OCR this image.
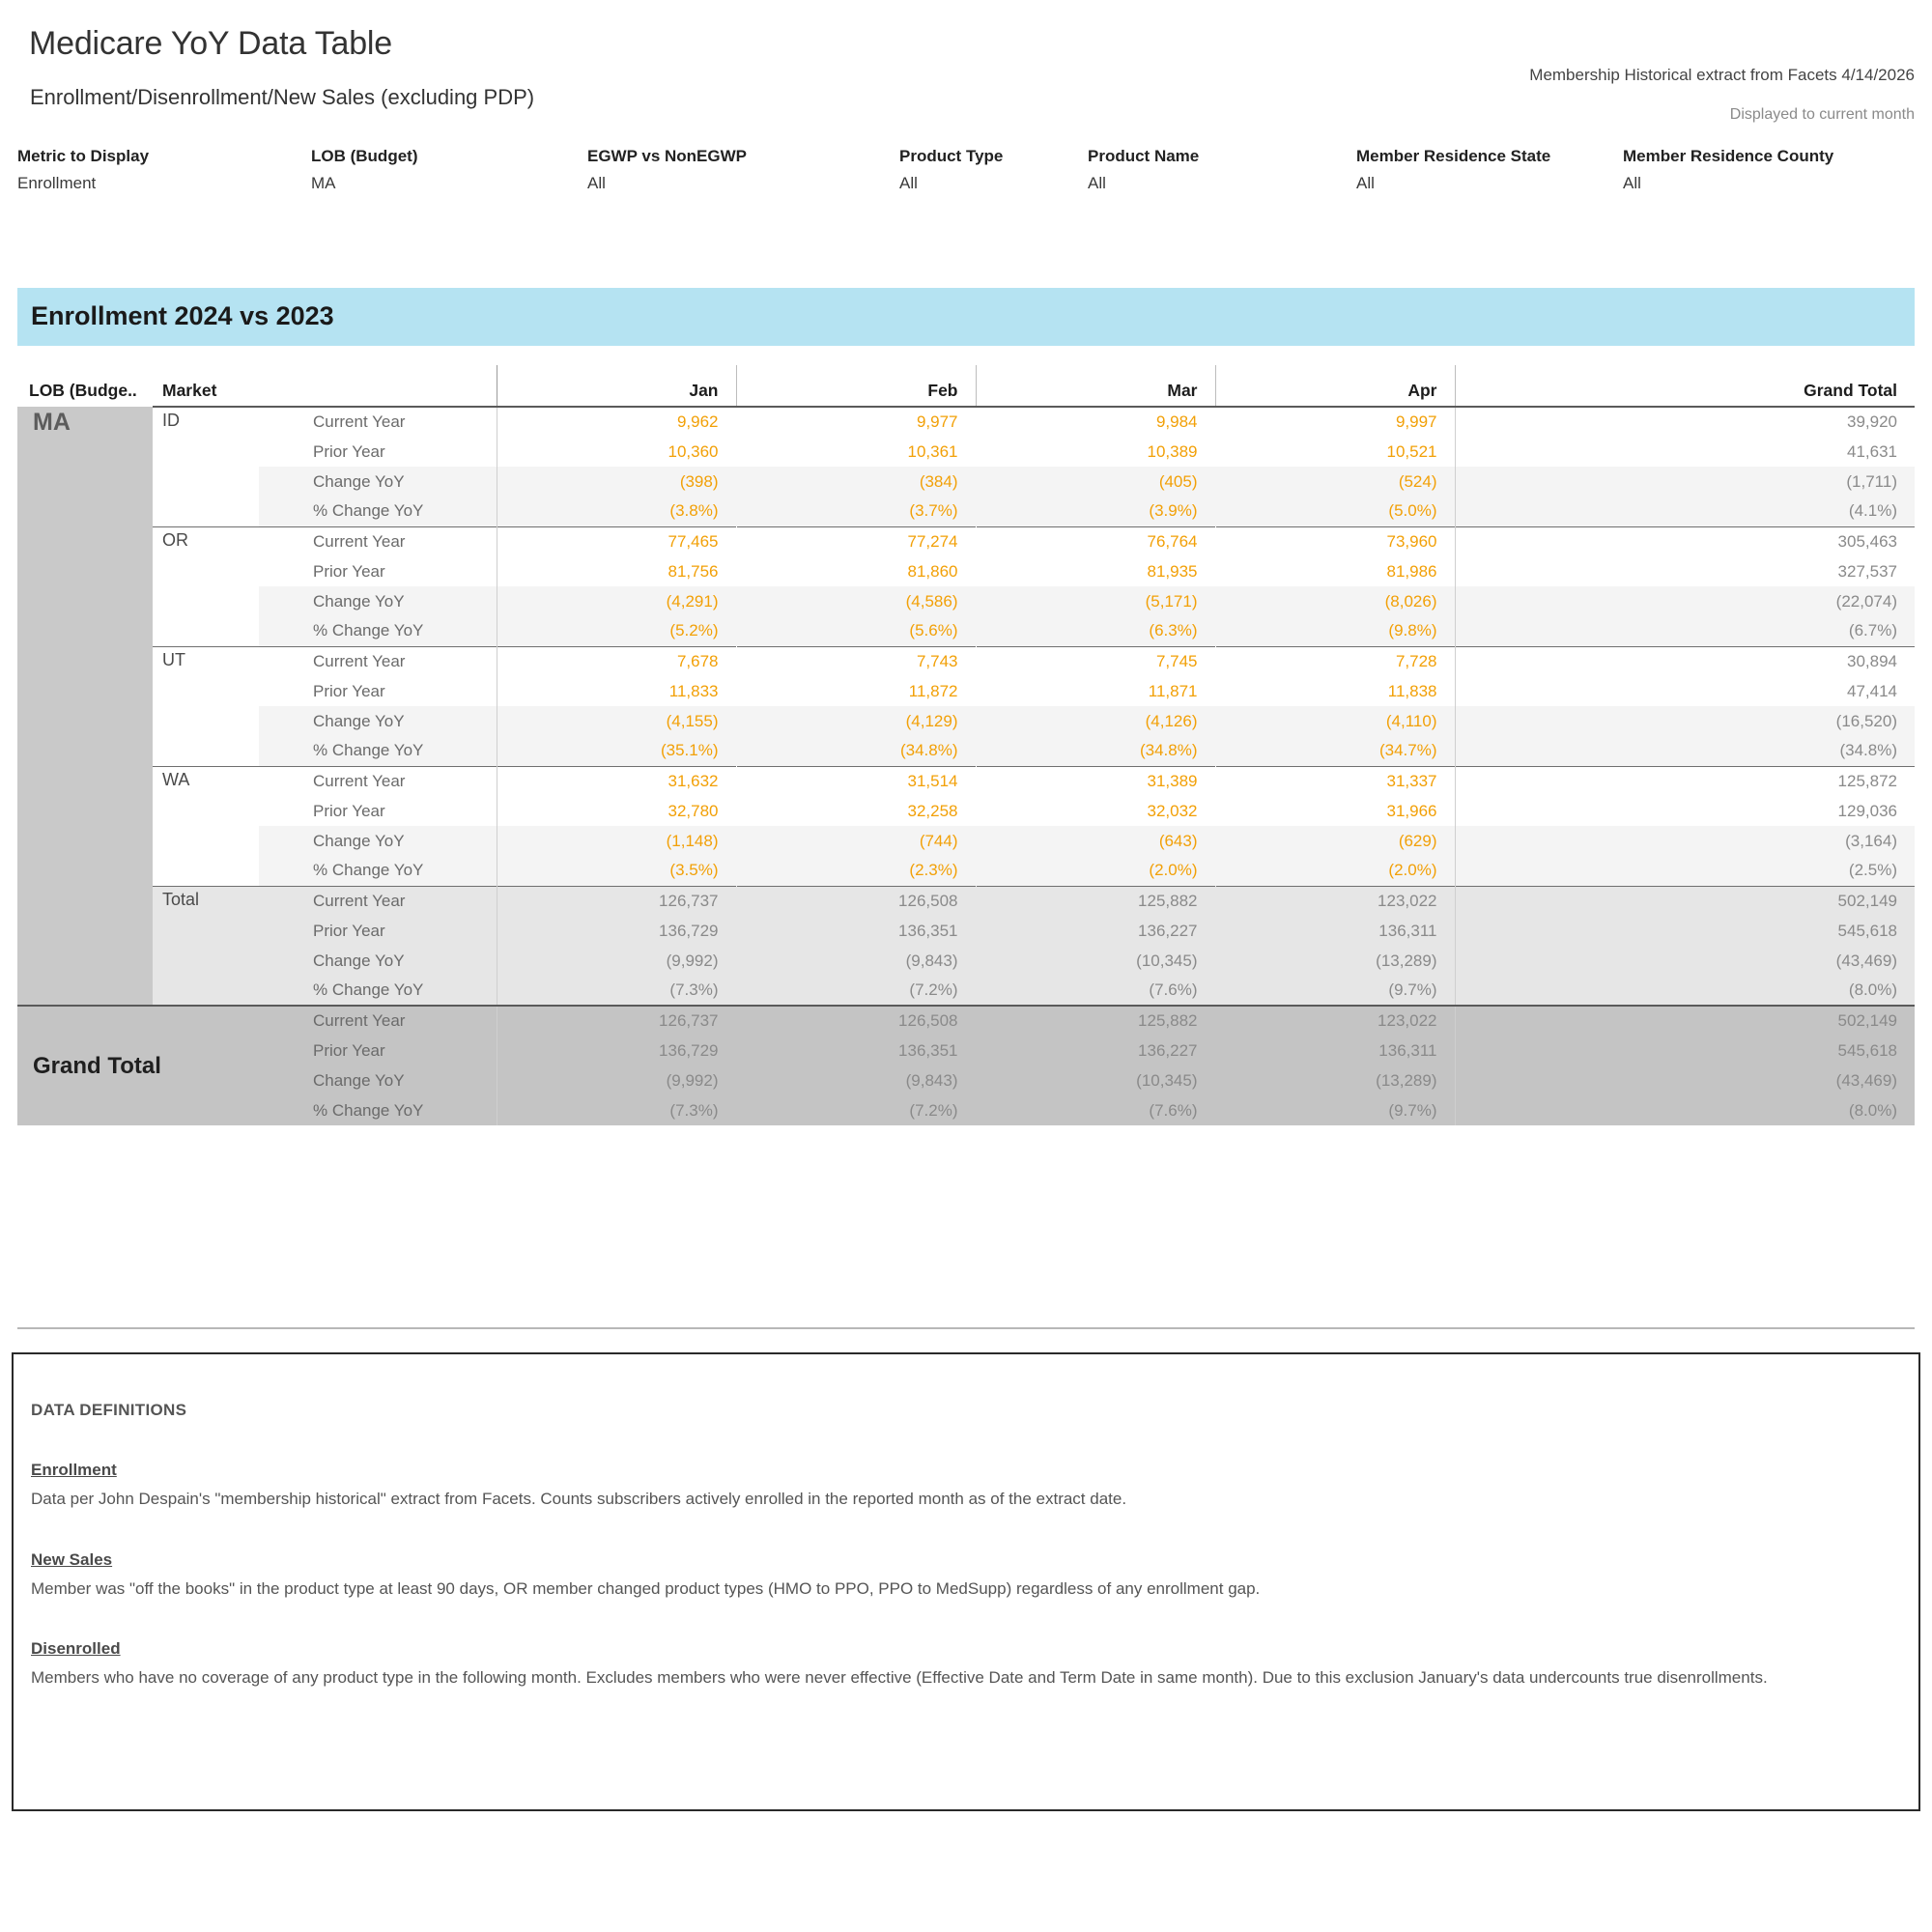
Medicare YoY Data Table
Enrollment/Disenrollment/New Sales (excluding PDP)
Membership Historical extract from Facets 4/14/2026
Displayed to current month
Metric to Display
Enrollment
LOB (Budget)
MA
EGWP vs NonEGWP
All
Product Type
All
Product Name
All
Member Residence State
All
Member Residence County
All
Enrollment 2024 vs 2023
LOB (Budge..	Market		Jan	Feb	Mar	Apr	Grand Total

MA	ID	Current Year	9,962	9,977	9,984	9,997	39,920
		Prior Year	10,360	10,361	10,389	10,521	41,631
		Change YoY	(398)	(384)	(405)	(524)	(1,711)
		% Change YoY	(3.8%)	(3.7%)	(3.9%)	(5.0%)	(4.1%)
	OR	Current Year	77,465	77,274	76,764	73,960	305,463
		Prior Year	81,756	81,860	81,935	81,986	327,537
		Change YoY	(4,291)	(4,586)	(5,171)	(8,026)	(22,074)
		% Change YoY	(5.2%)	(5.6%)	(6.3%)	(9.8%)	(6.7%)
	UT	Current Year	7,678	7,743	7,745	7,728	30,894
		Prior Year	11,833	11,872	11,871	11,838	47,414
		Change YoY	(4,155)	(4,129)	(4,126)	(4,110)	(16,520)
		% Change YoY	(35.1%)	(34.8%)	(34.8%)	(34.7%)	(34.8%)
	WA	Current Year	31,632	31,514	31,389	31,337	125,872
		Prior Year	32,780	32,258	32,032	31,966	129,036
		Change YoY	(1,148)	(744)	(643)	(629)	(3,164)
		% Change YoY	(3.5%)	(2.3%)	(2.0%)	(2.0%)	(2.5%)
	Total	Current Year	126,737	126,508	125,882	123,022	502,149
		Prior Year	136,729	136,351	136,227	136,311	545,618
		Change YoY	(9,992)	(9,843)	(10,345)	(13,289)	(43,469)
		% Change YoY	(7.3%)	(7.2%)	(7.6%)	(9.7%)	(8.0%)
Grand Total		Current Year	126,737	126,508	125,882	123,022	502,149
		Prior Year	136,729	136,351	136,227	136,311	545,618
		Change YoY	(9,992)	(9,843)	(10,345)	(13,289)	(43,469)
		% Change YoY	(7.3%)	(7.2%)	(7.6%)	(9.7%)	(8.0%)
DATA DEFINITIONS
Enrollment
Data per John Despain's "membership historical" extract from Facets. Counts subscribers actively enrolled in the reported month as of the extract date.
New Sales
Member was "off the books" in the product type at least 90 days, OR member changed product types (HMO to PPO, PPO to MedSupp) regardless of any enrollment gap.
Disenrolled
Members who have no coverage of any product type in the following month. Excludes members who were never effective (Effective Date and Term Date in same month). Due to this exclusion January's data undercounts true disenrollments.
